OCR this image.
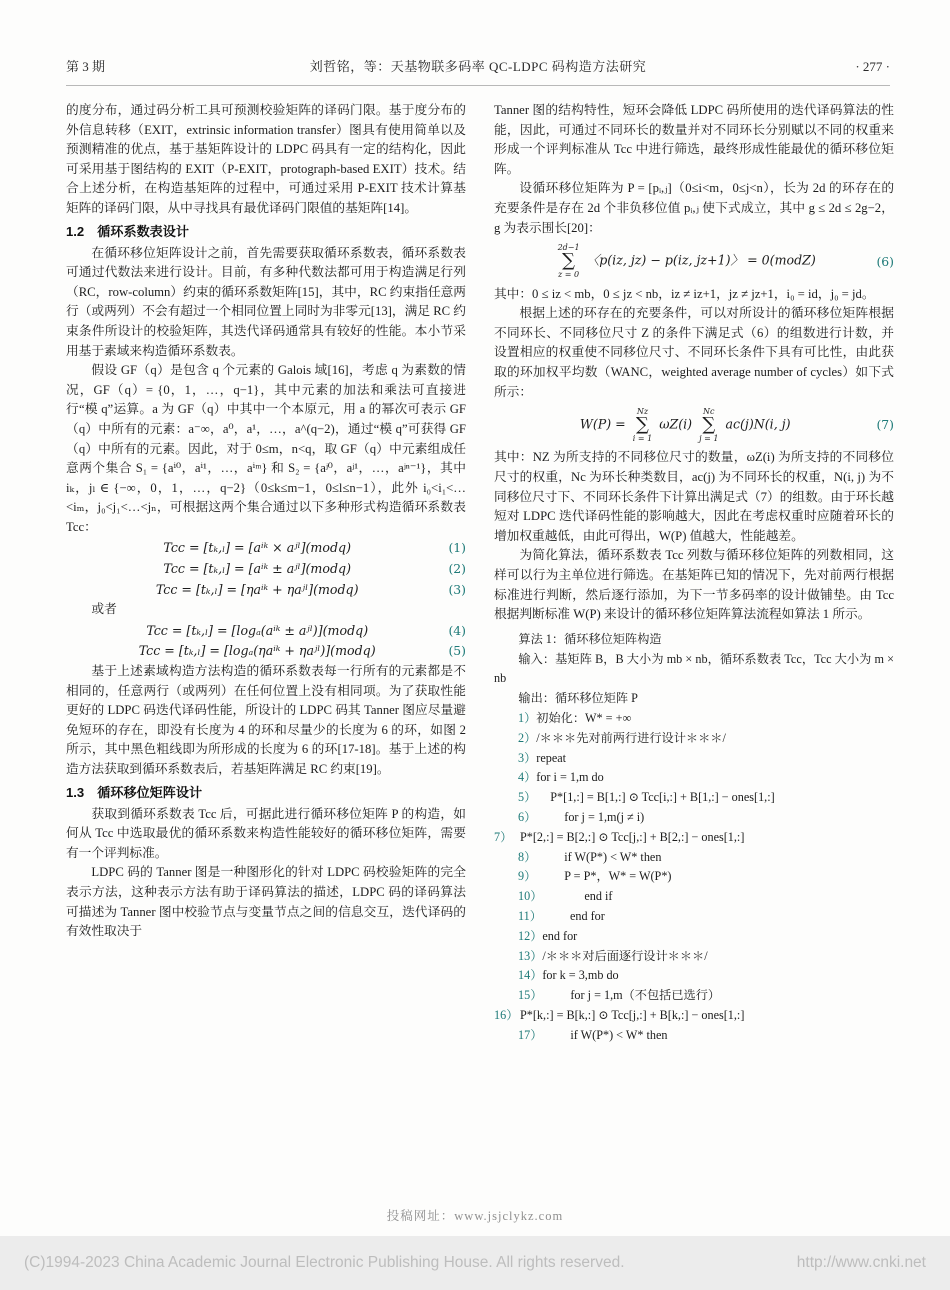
第 3 期	刘哲铭，等：天基物联多码率 QC-LDPC 码构造方法研究	· 277 ·

的度分布，通过码分析工具可预测校验矩阵的译码门限。基于度分布的外信息转移（EXIT，extrinsic information transfer）图具有使用简单以及预测精准的优点，基于基矩阵设计的 LDPC 码具有一定的结构化，因此可采用基于图结构的 EXIT（P-EXIT，protograph-based EXIT）技术。结合上述分析，在构造基矩阵的过程中，可通过采用 P-EXIT 技术计算基矩阵的译码门限，从中寻找具有最优译码门限值的基矩阵[14]。

1.2　循环系数表设计

在循环移位矩阵设计之前，首先需要获取循环系数表，循环系数表可通过代数法来进行设计。目前，有多种代数法都可用于构造满足行列（RC，row-column）约束的循环系数矩阵[15]，其中，RC 约束指任意两行（或两列）不会有超过一个相同位置上同时为非零元[13]，满足 RC 约束条件所设计的校验矩阵，其迭代译码通常具有较好的性能。本小节采用基于素域来构造循环系数表。

假设 GF（q）是包含 q 个元素的 Galois 域[16]，考虑 q 为素数的情况，GF（q）= {0，1，…，q−1}，其中元素的加法和乘法可直接进行“模 q”运算。a 为 GF（q）中其中一个本原元，用 a 的幂次可表示 GF（q）中所有的元素：a⁻∞，a⁰，a¹，…，a^(q−2)，通过“模 q”可获得 GF（q）中所有的元素。因此，对于 0≤m，n<q，取 GF（q）中元素组成任意两个集合 S₁ = {aⁱ⁰，aⁱ¹，…，aⁱᵐ} 和 S₂ = {aʲ⁰，aʲ¹，…，aʲⁿ⁻¹}，其中 iₖ，jₗ ∈ {−∞，0，1，…，q−2}（0≤k≤m−1，0≤l≤n−1），此外 i₀<i₁<…<iₘ，j₀<j₁<…<jₙ，可根据这两个集合通过以下多种形式构造循环系数表 Tcc：

Tcc = [tₖ,ₗ] = [aⁱᵏ × aʲˡ](modq)	(1)
Tcc = [tₖ,ₗ] = [aⁱᵏ ± aʲˡ](modq)	(2)
Tcc = [tₖ,ₗ] = [ηaⁱᵏ + ηaʲˡ](modq)	(3)

或者

Tcc = [tₖ,ₗ] = [logₐ(aⁱᵏ ± aʲˡ)](modq)	(4)
Tcc = [tₖ,ₗ] = [logₐ(ηaⁱᵏ + ηaʲˡ)](modq)	(5)

基于上述素域构造方法构造的循环系数表每一行所有的元素都是不相同的，任意两行（或两列）在任何位置上没有相同项。为了获取性能更好的 LDPC 码迭代译码性能，所设计的 LDPC 码其 Tanner 图应尽量避免短环的存在，即没有长度为 4 的环和尽量少的长度为 6 的环，如图 2 所示，其中黑色粗线即为所形成的长度为 6 的环[17-18]。基于上述的构造方法获取到循环系数表后，若基矩阵满足 RC 约束[19]。

1.3　循环移位矩阵设计

获取到循环系数表 Tcc 后，可据此进行循环移位矩阵 P 的构造，如何从 Tcc 中选取最优的循环系数来构造性能较好的循环移位矩阵，需要有一个评判标准。

LDPC 码的 Tanner 图是一种图形化的针对 LDPC 码校验矩阵的完全表示方法，这种表示方法有助于译码算法的描述，LDPC 码的译码算法可描述为 Tanner 图中校验节点与变量节点之间的信息交互，迭代译码的有效性取决于

Tanner 图的结构特性，短环会降低 LDPC 码所使用的迭代译码算法的性能，因此，可通过不同环长的数量并对不同环长分别赋以不同的权重来形成一个评判标准从 Tcc 中进行筛选，最终形成性能最优的循环移位矩阵。

设循环移位矩阵为 P = [pᵢ,ⱼ]（0≤i<m，0≤j<n），长为 2d 的环存在的充要条件是存在 2d 个非负移位值 pᵢ,ⱼ 使下式成立，其中 g ≤ 2d ≤ 2g−2，g 为表示围长[20]：

2d−1
∑
z = 0
〈p(iz, jz) − p(iz, jz+1)〉 = 0(modZ)	(6)

其中：0 ≤ iz < mb，0 ≤ jz < nb，iz ≠ iz+1，jz ≠ jz+1，i₀ = id，j₀ = jd。

根据上述的环存在的充要条件，可以对所设计的循环移位矩阵根据不同环长、不同移位尺寸 Z 的条件下满足式（6）的组数进行计数，并设置相应的权重使不同移位尺寸、不同环长条件下具有可比性，由此获取的环加权平均数（WANC，weighted average number of cycles）如下式所示：

W(P) =
Nz
∑
i = 1
ωZ(i)
Nc
∑
j = 1
ac(j)N(i, j)	(7)

其中：NZ 为所支持的不同移位尺寸的数量，ωZ(i) 为所支持的不同移位尺寸的权重，Nc 为环长种类数目，ac(j) 为不同环长的权重，N(i, j) 为不同移位尺寸下、不同环长条件下计算出满足式（7）的组数。由于环长越短对 LDPC 迭代译码性能的影响越大，因此在考虑权重时应随着环长的增加权重越低，由此可得出，W(P) 值越大，性能越差。

为简化算法，循环系数表 Tcc 列数与循环移位矩阵的列数相同，这样可以行为主单位进行筛选。在基矩阵已知的情况下，先对前两行根据标准进行判断，然后逐行添加，为下一节多码率的设计做铺垫。由 Tcc 根据判断标准 W(P) 来设计的循环移位矩阵算法流程如算法 1 所示。

算法 1：循环移位矩阵构造

输入：基矩阵 B，B 大小为 mb × nb，循环系数表 Tcc，Tcc 大小为 m × nb

输出：循环移位矩阵 P

1） 初始化：W* = +∞
2） /＊＊＊先对前两行进行设计＊＊＊/
3） repeat
4） for i = 1,m do
5）	P*[1,:] = B[1,:] ⊙ Tcc[i,:] + B[1,:] − ones[1,:]
6）	for j = 1,m(j ≠ i)
7） P*[2,:] = B[2,:] ⊙ Tcc[j,:] + B[2,:] − ones[1,:]
8）	if W(P*) < W* then
9）	P = P*，W* = W(P*)
10）	end if
11）	end for
12） end for
13） /＊＊＊对后面逐行设计＊＊＊/
14） for k = 3,mb do
15）	for j = 1,m（不包括已选行）
16） P*[k,:] = B[k,:] ⊙ Tcc[j,:] + B[k,:] − ones[1,:]
17）	if W(P*) < W* then
投稿网址：www.jsjclykz.com
(C)1994-2023 China Academic Journal Electronic Publishing House. All rights reserved.	http://www.cnki.net
